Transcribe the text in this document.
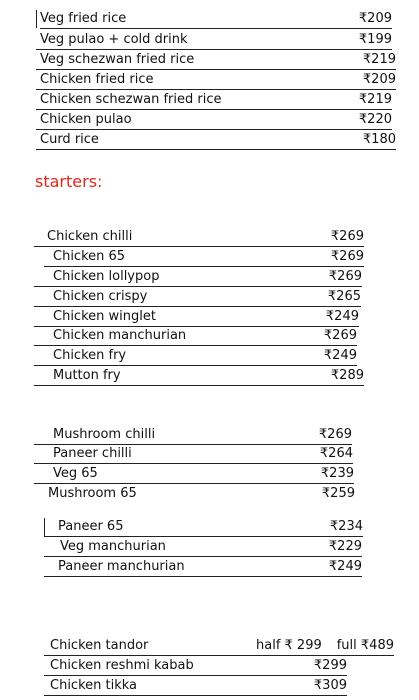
Veg fried rice	₹209
Veg pulao + cold drink	₹199
Veg schezwan fried rice	₹219
Chicken fried rice	₹209
Chicken schezwan fried rice	₹219
Chicken pulao	₹220
Curd rice	₹180
starters:
Chicken chilli	₹269
Chicken 65	₹269
Chicken lollypop	₹269
Chicken crispy	₹265
Chicken winglet	₹249
Chicken manchurian	₹269
Chicken fry	₹249
Mutton fry	₹289
Mushroom chilli	₹269
Paneer chilli	₹264
Veg 65	₹239
Mushroom 65	₹259
Paneer 65	₹234
Veg manchurian	₹229
Paneer manchurian	₹249
Chicken tandor	half ₹ 299 full ₹489
Chicken reshmi kabab	₹299
Chicken tikka	₹309
